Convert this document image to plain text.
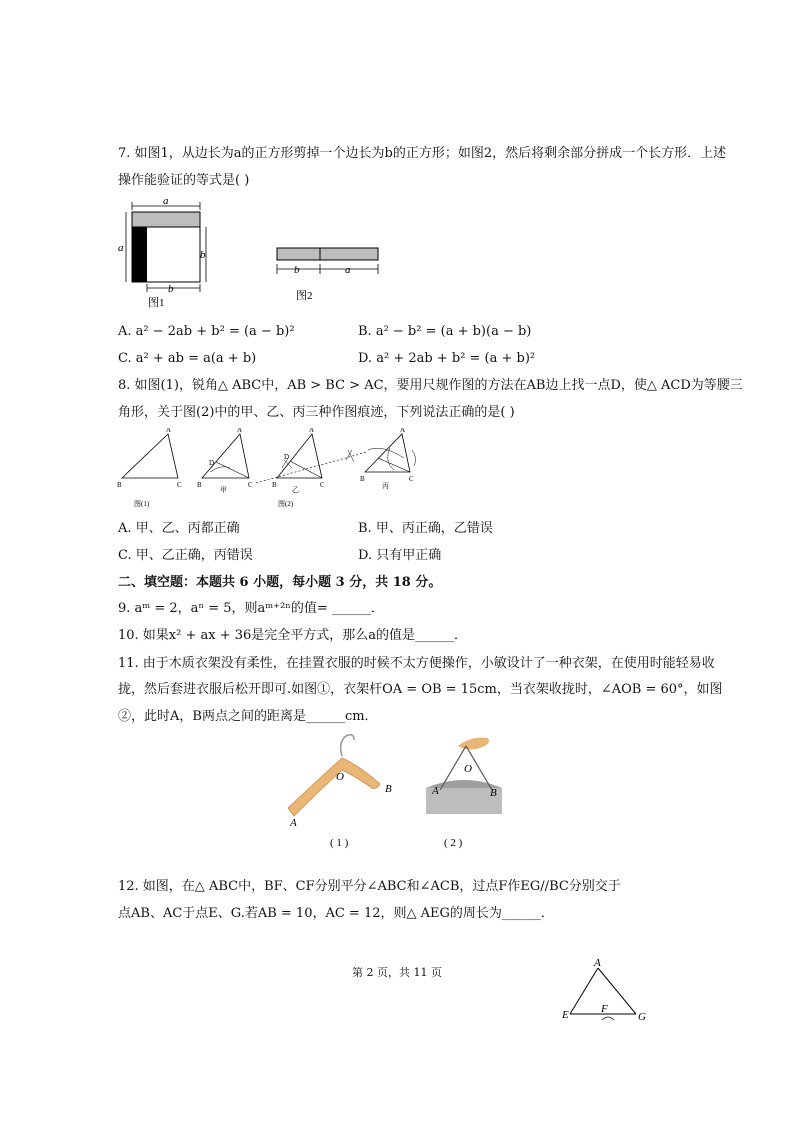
7. 如图1，从边长为a的正方形剪掉一个边长为b的正方形；如图2，然后将剩余部分拼成一个长方形．上述
操作能验证的等式是( )
a
a
b
b
图1
b	a
图2
A. a² − 2ab + b² = (a − b)²	B. a² − b² = (a + b)(a − b)
C. a² + ab = a(a + b)	D. a² + 2ab + b² = (a + b)²
8. 如图(1)，锐角△ ABC中，AB > BC > AC，要用尺规作图的方法在AB边上找一点D，使△ ACD为等腰三
角形，关于图(2)中的甲、乙、丙三种作图痕迹，下列说法正确的是( )
A
B	C
图(1)
A
B	C
D
甲
A
B	C
D
乙
图(2)
A
B	C
丙
A. 甲、乙、丙都正确	B. 甲、丙正确，乙错误
C. 甲、乙正确，丙错误	D. 只有甲正确
二、填空题：本题共 6 小题，每小题 3 分，共 18 分。
9. aᵐ = 2，aⁿ = 5，则aᵐ⁺²ⁿ的值= ______．
10. 如果x² + ax + 36是完全平方式，那么a的值是______．
11. 由于木质衣架没有柔性，在挂置衣服的时候不太方便操作，小敏设计了一种衣架，在使用时能轻易收
拢，然后套进衣服后松开即可.如图①，衣架杆OA = OB = 15cm，当衣架收拢时，∠AOB = 60°，如图
②，此时A，B两点之间的距离是______cm．
O
B
A
( 1 )
O
A	B
( 2 )
12. 如图，在△ ABC中，BF、CF分别平分∠ABC和∠ACB，过点F作EG//BC分别交于
点AB、AC于点E、G.若AB = 10，AC = 12，则△ AEG的周长为______．
第 2 页，共 11 页
A
E	F
G
